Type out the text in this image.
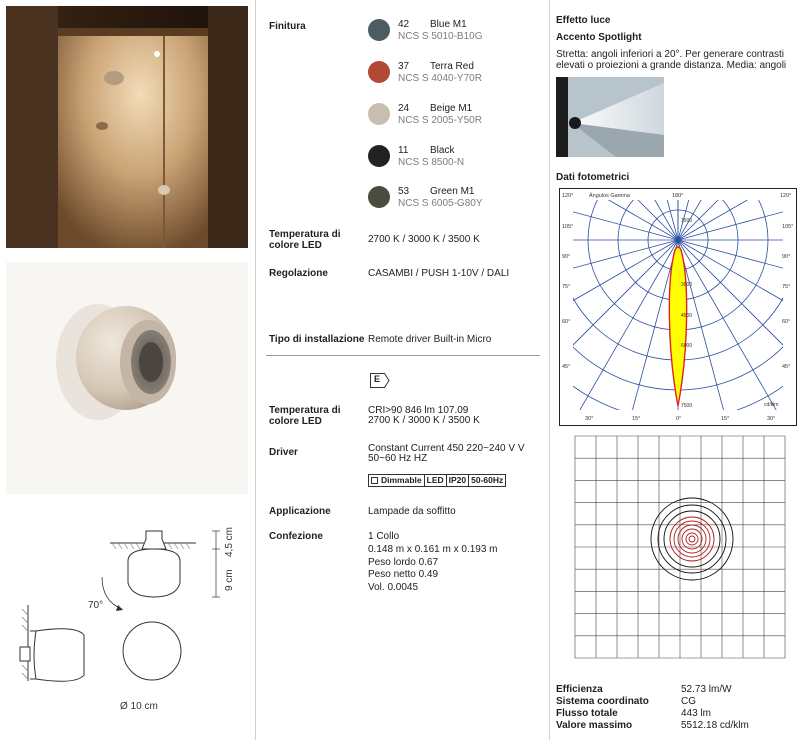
4,5 cm
9 cm
70°
Ø 10 cm
Finitura	42 Blue M1
NCS S 5010-B10G
37 Terra Red
NCS S 4040-Y70R
24 Beige M1
NCS S 2005-Y50R
11 Black
NCS S 8500-N
53 Green M1
NCS S 6005-G80Y
Temperatura di colore LED
2700 K / 3000 K / 3500 K
Regolazione	CASAMBI / PUSH 1-10V / DALI
Tipo di installazione Remote driver Built-in Micro
E
Temperatura di colore LED
CRI>90 846 lm 107.09
2700 K / 3000 K / 3500 K
Driver	Constant Current 450 220~240 V V
50~60 Hz HZ
Dimmable LED IP20 50-60Hz
Applicazione	Lampade da soffitto
Confezione	1 Collo
0.148 m x 0.161 m x 0.193 m
Peso lordo 0.67
Peso netto 0.49
Vol. 0.0045
Effetto luce
Accento Spotlight
Stretta: angoli inferiori a 20°. Per generare contrasti elevati o proiezioni a grande distanza. Media: angoli
Dati fotometrici
120°	Ángulos Gamma	180°	120°
105°
90°
75°
60°
45°
105°
90°
75°
60°
45°
30°	15°	0°	15°	30°
1500
3000
4500
6000
7500	cd/klm
Efficienza	52.73 lm/W
Sistema coordinato	CG
Flusso totale	443 lm
Valore massimo	5512.18 cd/klm
